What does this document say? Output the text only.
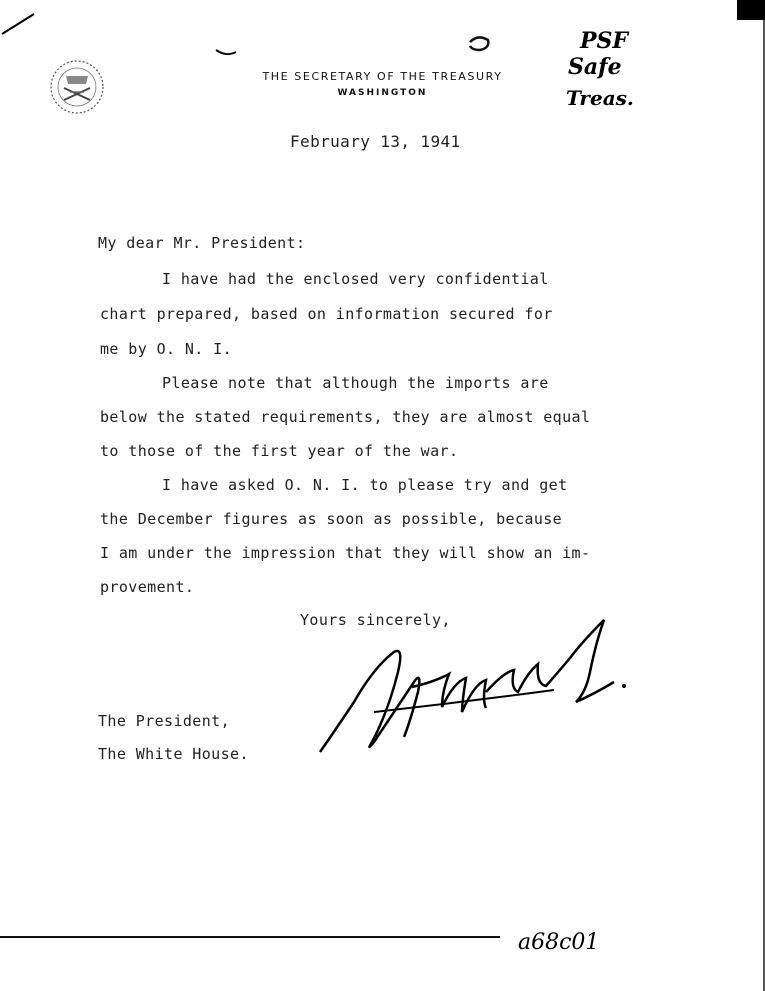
THE SECRETARY OF THE TREASURY
WASHINGTON
PSF
Safe
Treas.
February 13, 1941
My dear Mr. President:
I have had the enclosed very confidential
chart prepared, based on information secured for
me by O. N. I.
Please note that although the imports are
below the stated requirements, they are almost equal
to those of the first year of the war.
I have asked O. N. I. to please try and get
the December figures as soon as possible, because
I am under the impression that they will show an im-
provement.
Yours sincerely,
The President,
The White House.
a68c01
